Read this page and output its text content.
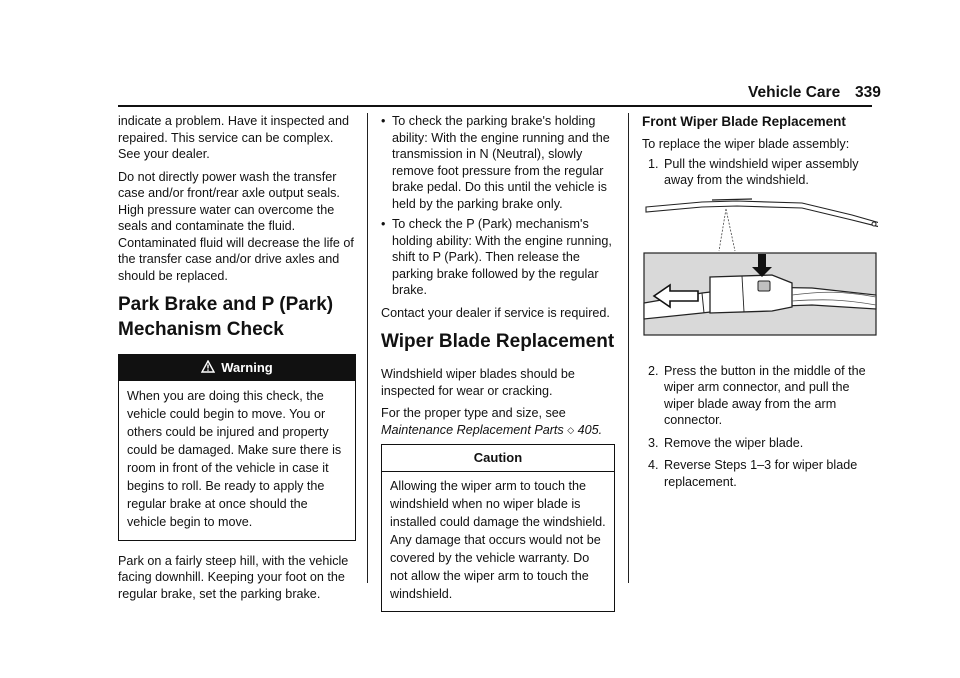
Vehicle Care 339

indicate a problem. Have it inspected and repaired. This service can be complex. See your dealer.

Do not directly power wash the transfer case and/or front/rear axle output seals. High pressure water can overcome the seals and contaminate the fluid. Contaminated fluid will decrease the life of the transfer case and/or drive axles and should be replaced.

Park Brake and P (Park)
Mechanism Check
Warning
When you are doing this check, the vehicle could begin to move. You or others could be injured and property could be damaged. Make sure there is room in front of the vehicle in case it begins to roll. Be ready to apply the regular brake at once should the vehicle begin to move.

Park on a fairly steep hill, with the vehicle facing downhill. Keeping your foot on the regular brake, set the parking brake.

• To check the parking brake's holding ability: With the engine running and the transmission in N (Neutral), slowly remove foot pressure from the regular brake pedal. Do this until the vehicle is held by the parking brake only.
• To check the P (Park) mechanism's holding ability: With the engine running, shift to P (Park). Then release the parking brake followed by the regular brake.

Contact your dealer if service is required.

Wiper Blade Replacement

Windshield wiper blades should be inspected for wear or cracking.

For the proper type and size, see
Maintenance Replacement Parts ◇ 405.

Caution
Allowing the wiper arm to touch the windshield when no wiper blade is installed could damage the windshield. Any damage that occurs would not be covered by the vehicle warranty. Do not allow the wiper arm to touch the windshield.
Front Wiper Blade Replacement

To replace the wiper blade assembly:

1. Pull the windshield wiper assembly away from the windshield.
2. Press the button in the middle of the wiper arm connector, and pull the wiper blade away from the arm connector.
3. Remove the wiper blade.
4. Reverse Steps 1–3 for wiper blade replacement.
